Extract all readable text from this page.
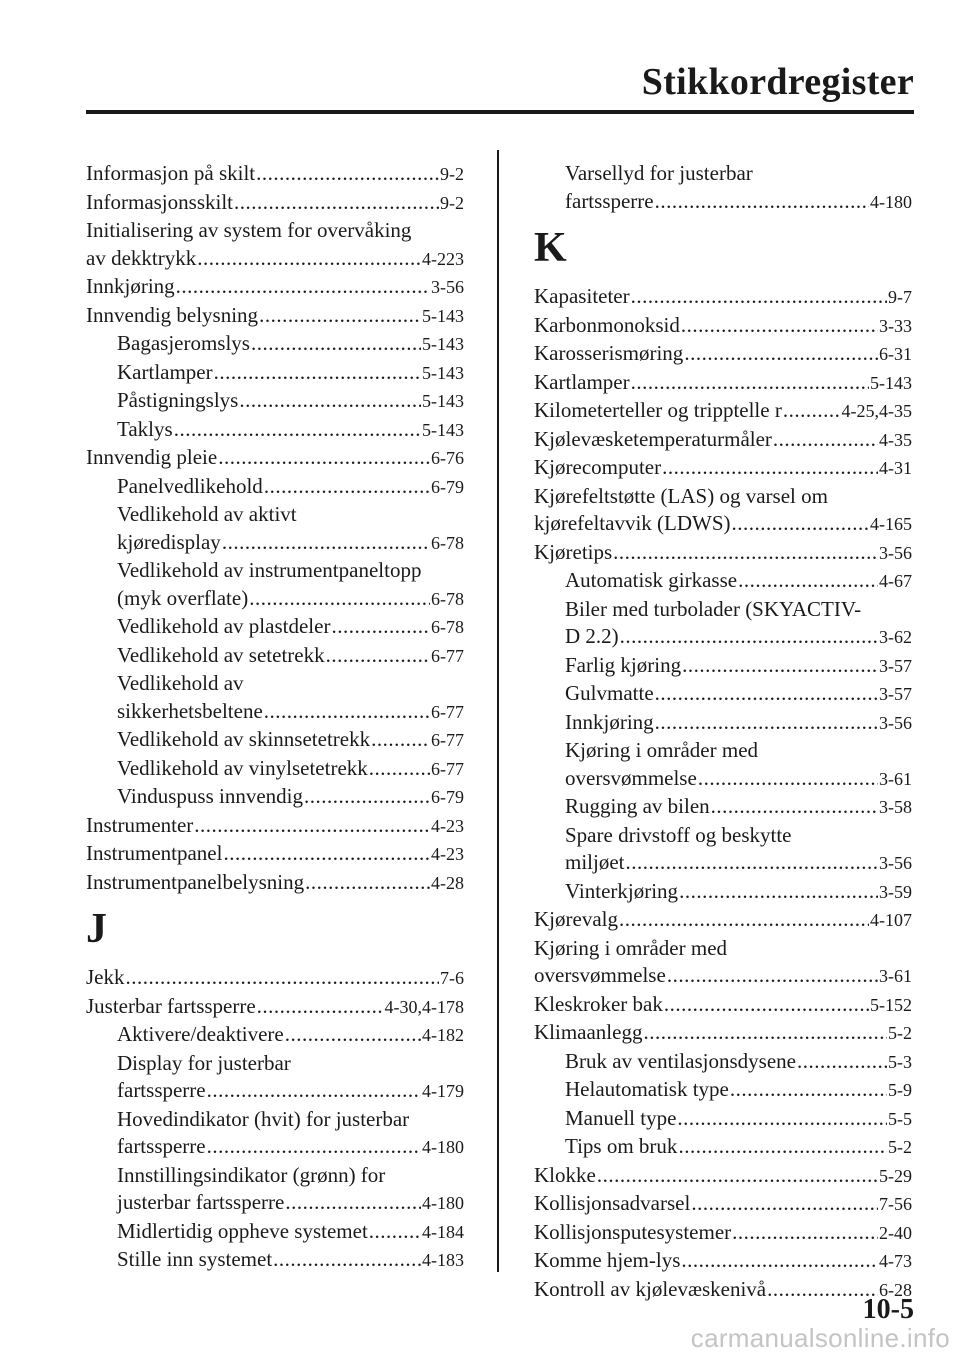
Stikkordregister
Informasjon på skilt .....	9-2
Informasjonsskilt .....	9-2
Initialisering av system for overvåking
av dekktrykk .....	4-223
Innkjøring .....	3-56
Innvendig belysning .....	5-143
Bagasjeromslys .....	5-143
Kartlamper .....	5-143
Påstigningslys .....	5-143
Taklys .....	5-143
Innvendig pleie .....	6-76
Panelvedlikehold .....	6-79
Vedlikehold av aktivt
kjøredisplay .....	6-78
Vedlikehold av instrumentpaneltopp
(myk overflate) .....	6-78
Vedlikehold av plastdeler .....	6-78
Vedlikehold av setetrekk .....	6-77
Vedlikehold av
sikkerhetsbeltene .....	6-77
Vedlikehold av skinnsetetrekk .....	6-77
Vedlikehold av vinylsetetrekk .....	6-77
Vinduspuss innvendig .....	6-79
Instrumenter .....	4-23
Instrumentpanel .....	4-23
Instrumentpanelbelysning .....	4-28
J
Jekk .....	7-6
Justerbar fartssperre .....	4-30,4-178
Aktivere/deaktivere .....	4-182
Display for justerbar
fartssperre .....	4-179
Hovedindikator (hvit) for justerbar
fartssperre .....	4-180
Innstillingsindikator (grønn) for
justerbar fartssperre .....	4-180
Midlertidig oppheve systemet .....	4-184
Stille inn systemet .....	4-183
Varsellyd for justerbar
fartssperre .....	4-180
K
Kapasiteter .....	9-7
Karbonmonoksid .....	3-33
Karosserismøring .....	6-31
Kartlamper .....	5-143
Kilometerteller og tripptelle r .....	4-25,4-35
Kjølevæsketemperaturmåler .....	4-35
Kjørecomputer .....	4-31
Kjørefeltstøtte (LAS) og varsel om
kjørefeltavvik (LDWS) .....	4-165
Kjøretips .....	3-56
Automatisk girkasse .....	4-67
Biler med turbolader (SKYACTIV-
D 2.2) .....	3-62
Farlig kjøring .....	3-57
Gulvmatte .....	3-57
Innkjøring .....	3-56
Kjøring i områder med
oversvømmelse .....	3-61
Rugging av bilen .....	3-58
Spare drivstoff og beskytte
miljøet .....	3-56
Vinterkjøring .....	3-59
Kjørevalg .....	4-107
Kjøring i områder med
oversvømmelse .....	3-61
Kleskroker bak .....	5-152
Klimaanlegg .....	5-2
Bruk av ventilasjonsdysene .....	5-3
Helautomatisk type .....	5-9
Manuell type .....	5-5
Tips om bruk .....	5-2
Klokke .....	5-29
Kollisjonsadvarsel .....	7-56
Kollisjonsputesystemer .....	2-40
Komme hjem-lys .....	4-73
Kontroll av kjølevæskenivå .....	6-28
10-5
carmanualsonline.info
